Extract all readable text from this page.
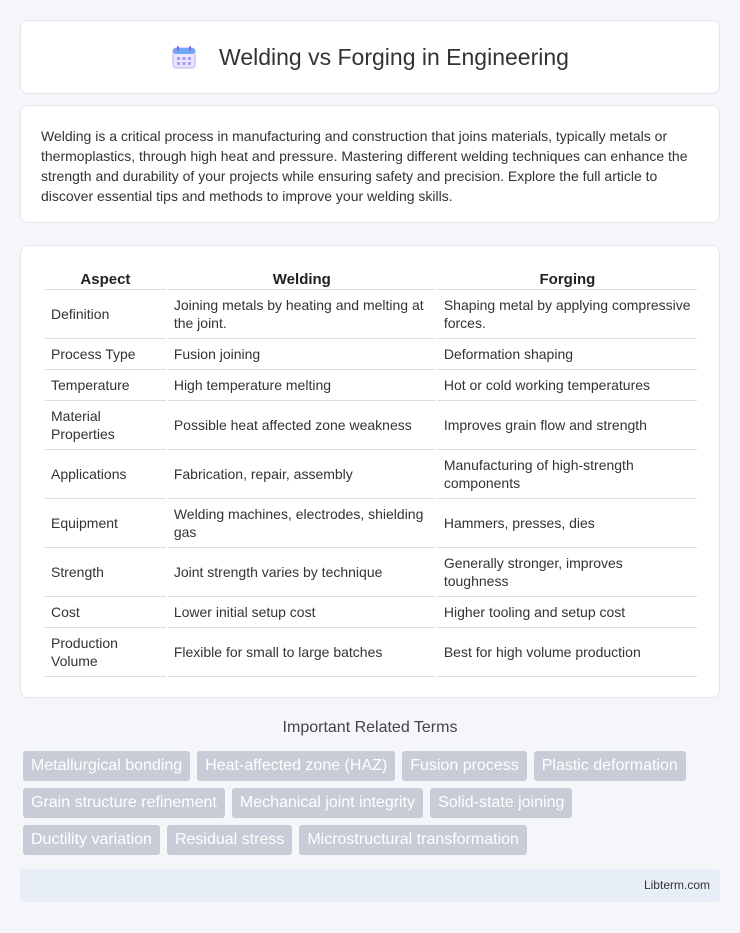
Welding vs Forging in Engineering

Welding is a critical process in manufacturing and construction that joins materials, typically metals or thermoplastics, through high heat and pressure. Mastering different welding techniques can enhance the strength and durability of your projects while ensuring safety and precision. Explore the full article to discover essential tips and methods to improve your welding skills.

Aspect	Welding	Forging
Definition	Joining metals by heating and melting at the joint.	Shaping metal by applying compressive forces.
Process Type	Fusion joining	Deformation shaping
Temperature	High temperature melting	Hot or cold working temperatures
Material Properties	Possible heat affected zone weakness	Improves grain flow and strength
Applications	Fabrication, repair, assembly	Manufacturing of high-strength components
Equipment	Welding machines, electrodes, shielding gas	Hammers, presses, dies
Strength	Joint strength varies by technique	Generally stronger, improves toughness
Cost	Lower initial setup cost	Higher tooling and setup cost
Production Volume	Flexible for small to large batches	Best for high volume production
Important Related Terms
Metallurgical bonding	Heat-affected zone (HAZ)	Fusion process	Plastic deformation
Grain structure refinement	Mechanical joint integrity	Solid-state joining
Ductility variation	Residual stress	Microstructural transformation
Libterm.com
